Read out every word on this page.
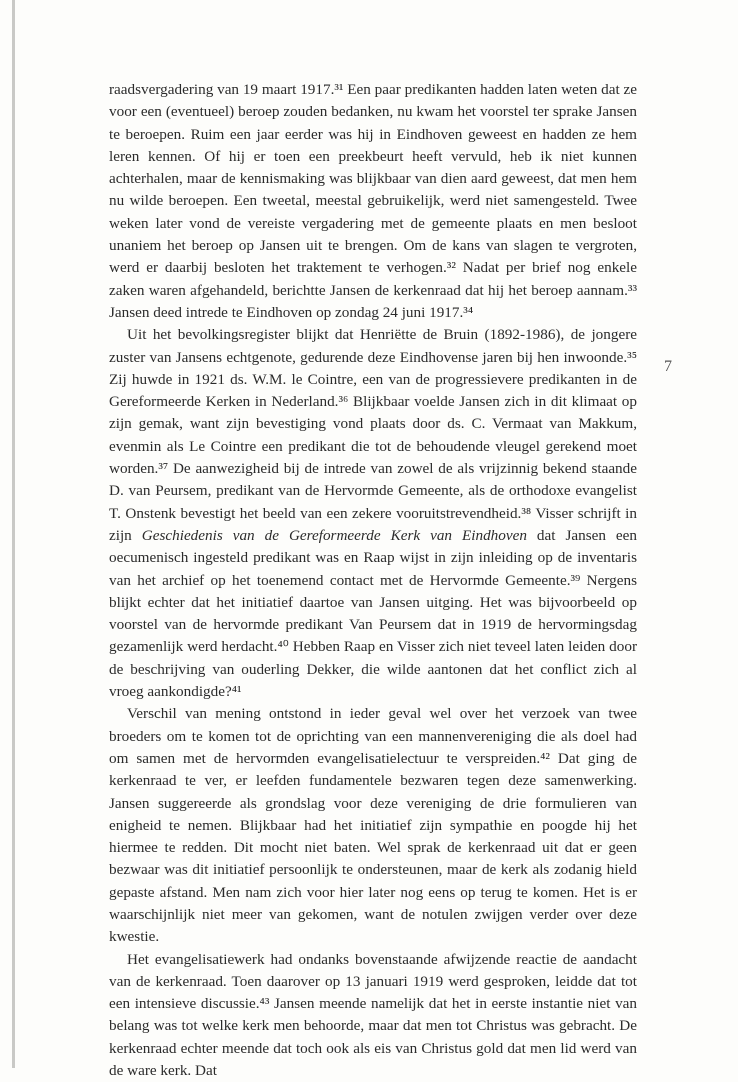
raadsvergadering van 19 maart 1917.³¹ Een paar predikanten hadden laten weten dat ze voor een (eventueel) beroep zouden bedanken, nu kwam het voorstel ter sprake Jansen te beroepen. Ruim een jaar eerder was hij in Eindhoven geweest en hadden ze hem leren kennen. Of hij er toen een preekbeurt heeft vervuld, heb ik niet kunnen achterhalen, maar de kennismaking was blijkbaar van dien aard geweest, dat men hem nu wilde beroepen. Een tweetal, meestal gebruikelijk, werd niet samengesteld. Twee weken later vond de vereiste vergadering met de gemeente plaats en men besloot unaniem het beroep op Jansen uit te brengen. Om de kans van slagen te vergroten, werd er daarbij besloten het traktement te verhogen.³² Nadat per brief nog enkele zaken waren afgehandeld, berichtte Jansen de kerkenraad dat hij het beroep aannam.³³ Jansen deed intrede te Eindhoven op zondag 24 juni 1917.³⁴

Uit het bevolkingsregister blijkt dat Henriëtte de Bruin (1892-1986), de jongere zuster van Jansens echtgenote, gedurende deze Eindhovense jaren bij hen inwoonde.³⁵ Zij huwde in 1921 ds. W.M. le Cointre, een van de progressievere predikanten in de Gereformeerde Kerken in Nederland.³⁶ Blijkbaar voelde Jansen zich in dit klimaat op zijn gemak, want zijn bevestiging vond plaats door ds. C. Vermaat van Makkum, evenmin als Le Cointre een predikant die tot de behoudende vleugel gerekend moet worden.³⁷ De aanwezigheid bij de intrede van zowel de als vrijzinnig bekend staande D. van Peursem, predikant van de Hervormde Gemeente, als de orthodoxe evangelist T. Onstenk bevestigt het beeld van een zekere vooruitstrevendheid.³⁸ Visser schrijft in zijn Geschiedenis van de Gereformeerde Kerk van Eindhoven dat Jansen een oecumenisch ingesteld predikant was en Raap wijst in zijn inleiding op de inventaris van het archief op het toenemend contact met de Hervormde Gemeente.³⁹ Nergens blijkt echter dat het initiatief daartoe van Jansen uitging. Het was bijvoorbeeld op voorstel van de hervormde predikant Van Peursem dat in 1919 de hervormingsdag gezamenlijk werd herdacht.⁴⁰ Hebben Raap en Visser zich niet teveel laten leiden door de beschrijving van ouderling Dekker, die wilde aantonen dat het conflict zich al vroeg aankondigde?⁴¹

Verschil van mening ontstond in ieder geval wel over het verzoek van twee broeders om te komen tot de oprichting van een mannenvereniging die als doel had om samen met de hervormden evangelisatielectuur te verspreiden.⁴² Dat ging de kerkenraad te ver, er leefden fundamentele bezwaren tegen deze samenwerking. Jansen suggereerde als grondslag voor deze vereniging de drie formulieren van enigheid te nemen. Blijkbaar had het initiatief zijn sympathie en poogde hij het hiermee te redden. Dit mocht niet baten. Wel sprak de kerkenraad uit dat er geen bezwaar was dit initiatief persoonlijk te ondersteunen, maar de kerk als zodanig hield gepaste afstand. Men nam zich voor hier later nog eens op terug te komen. Het is er waarschijnlijk niet meer van gekomen, want de notulen zwijgen verder over deze kwestie.

Het evangelisatiewerk had ondanks bovenstaande afwijzende reactie de aandacht van de kerkenraad. Toen daarover op 13 januari 1919 werd gesproken, leidde dat tot een intensieve discussie.⁴³ Jansen meende namelijk dat het in eerste instantie niet van belang was tot welke kerk men behoorde, maar dat men tot Christus was gebracht. De kerkenraad echter meende dat toch ook als eis van Christus gold dat men lid werd van de ware kerk. Dat

7
